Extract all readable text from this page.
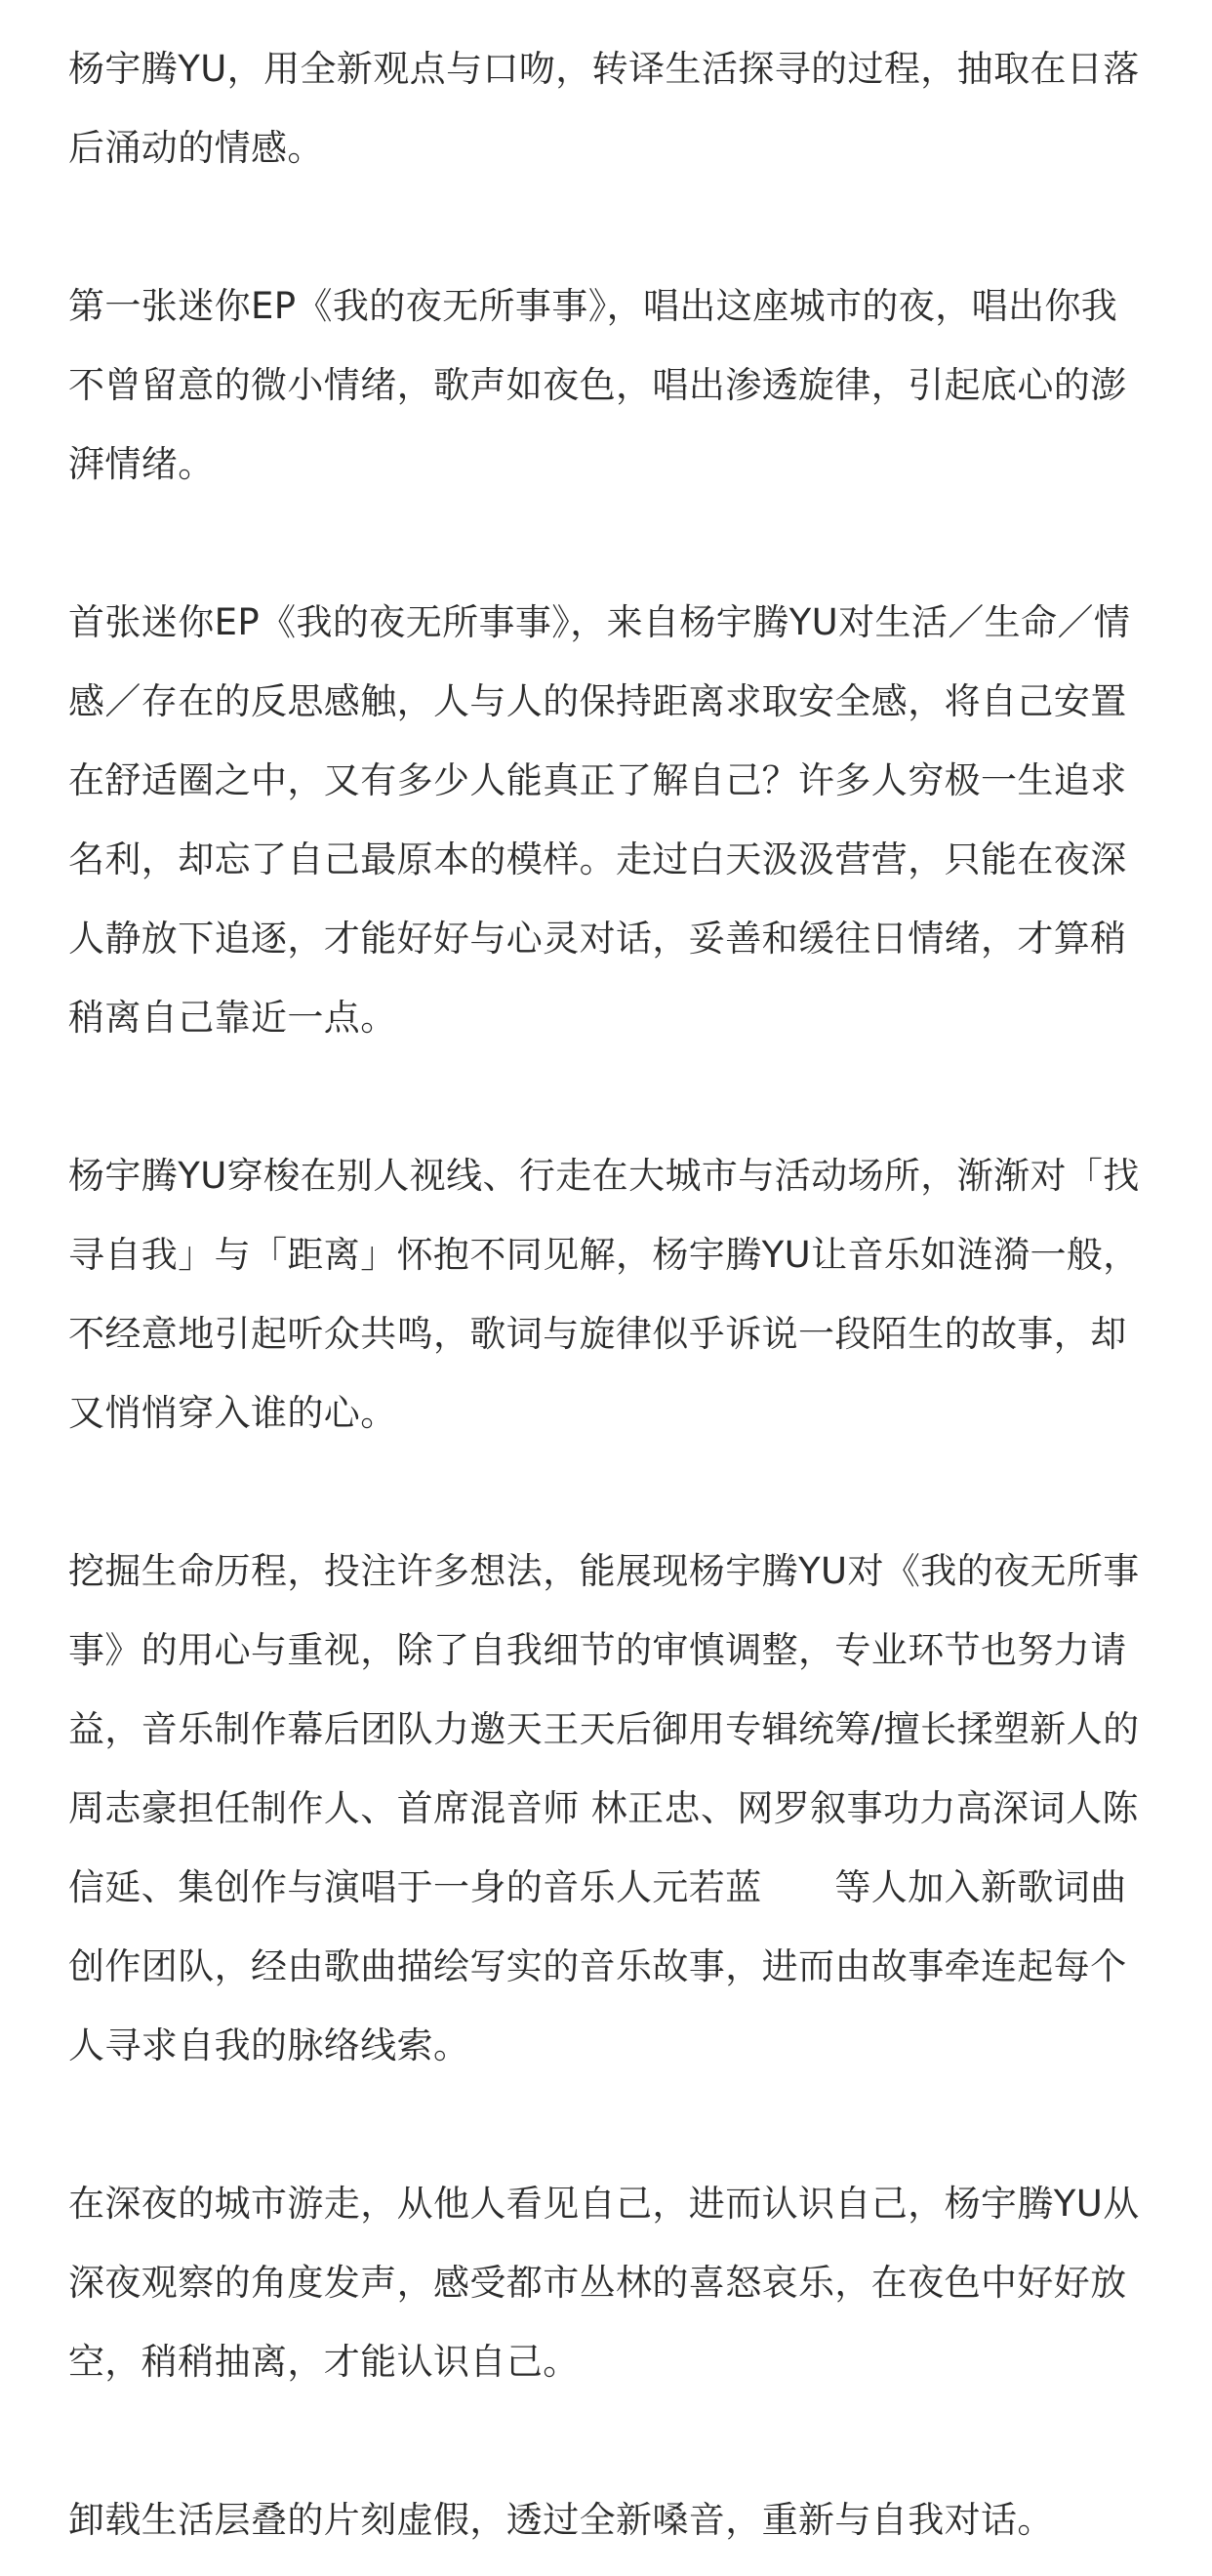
杨宇腾YU，用全新观点与口吻，转译生活探寻的过程，抽取在日落后涌动的情感。

第一张迷你EP《我的夜无所事事》，唱出这座城市的夜，唱出你我不曾留意的微小情绪，歌声如夜色，唱出渗透旋律，引起底心的澎湃情绪。

首张迷你EP《我的夜无所事事》，来自杨宇腾YU对生活／生命／情感／存在的反思感触，人与人的保持距离求取安全感，将自己安置在舒适圈之中，又有多少人能真正了解自己？许多人穷极一生追求名利，却忘了自己最原本的模样。走过白天汲汲营营，只能在夜深人静放下追逐，才能好好与心灵对话，妥善和缓往日情绪，才算稍稍离自己靠近一点。

杨宇腾YU穿梭在别人视线、行走在大城市与活动场所，渐渐对「找寻自我」与「距离」怀抱不同见解，杨宇腾YU让音乐如涟漪一般，不经意地引起听众共鸣，歌词与旋律似乎诉说一段陌生的故事，却又悄悄穿入谁的心。

挖掘生命历程，投注许多想法，能展现杨宇腾YU对《我的夜无所事事》的用心与重视，除了自我细节的审慎调整，专业环节也努力请益，音乐制作幕后团队力邀天王天后御用专辑统筹/擅长揉塑新人的周志豪担任制作人、首席混音师 林正忠、网罗叙事功力高深词人陈信延、集创作与演唱于一身的音乐人元若蓝　　等人加入新歌词曲创作团队，经由歌曲描绘写实的音乐故事，进而由故事牵连起每个人寻求自我的脉络线索。

在深夜的城市游走，从他人看见自己，进而认识自己，杨宇腾YU从深夜观察的角度发声，感受都市丛林的喜怒哀乐，在夜色中好好放空，稍稍抽离，才能认识自己。

卸载生活层叠的片刻虚假，透过全新嗓音，重新与自我对话。
